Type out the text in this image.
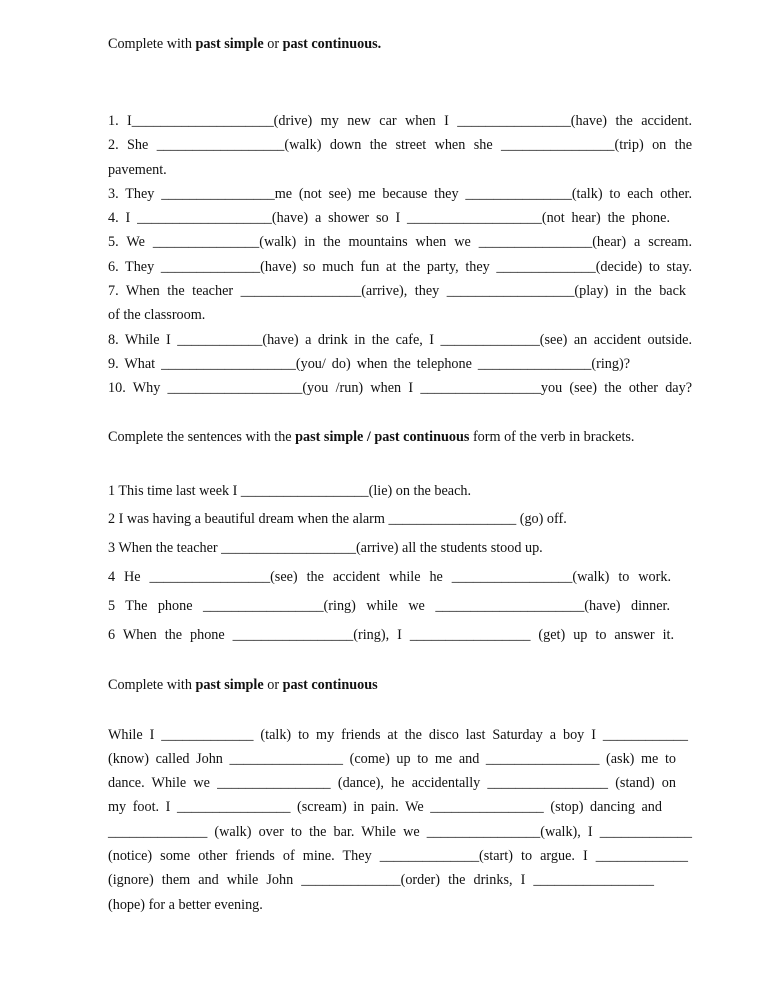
Complete with past simple or past continuous.
1. I____________________(drive) my new car when I ________________(have) the accident.
2. She __________________(walk) down the street when she ________________(trip) on the
pavement.
3. They ________________me (not see) me because they _______________(talk) to each other.
4. I ___________________(have) a shower so I ___________________(not hear) the phone.
5. We _______________(walk) in the mountains when we ________________(hear) a scream.
6. They ______________(have) so much fun at the party, they ______________(decide) to stay.
7. When the teacher _________________(arrive), they __________________(play) in the back
of the classroom.
8. While I ____________(have) a drink in the cafe, I ______________(see) an accident outside.
9. What ___________________(you/ do) when the telephone ________________(ring)?
10. Why ___________________(you /run) when I _________________you (see) the other day?
Complete the sentences with the past simple / past continuous form of the verb in brackets.
1 This time last week I __________________(lie) on the beach.
2 I was having a beautiful dream when the alarm __________________ (go) off.
3 When the teacher ___________________(arrive) all the students stood up.
4 He _________________(see) the accident while he _________________(walk) to work.
5 The phone _________________(ring) while we _____________________(have) dinner.
6 When the phone _________________(ring), I _________________ (get) up to answer it.
Complete with past simple or past continuous
While I _____________ (talk) to my friends at the disco last Saturday a boy I ____________
(know) called John ________________ (come) up to me and ________________ (ask) me to
dance. While we ________________ (dance), he accidentally _________________ (stand) on
my foot. I ________________ (scream) in pain. We ________________ (stop) dancing and
______________ (walk) over to the bar. While we ________________(walk), I _____________
(notice) some other friends of mine. They ______________(start) to argue. I _____________
(ignore) them and while John ______________(order) the drinks, I _________________
(hope) for a better evening.
